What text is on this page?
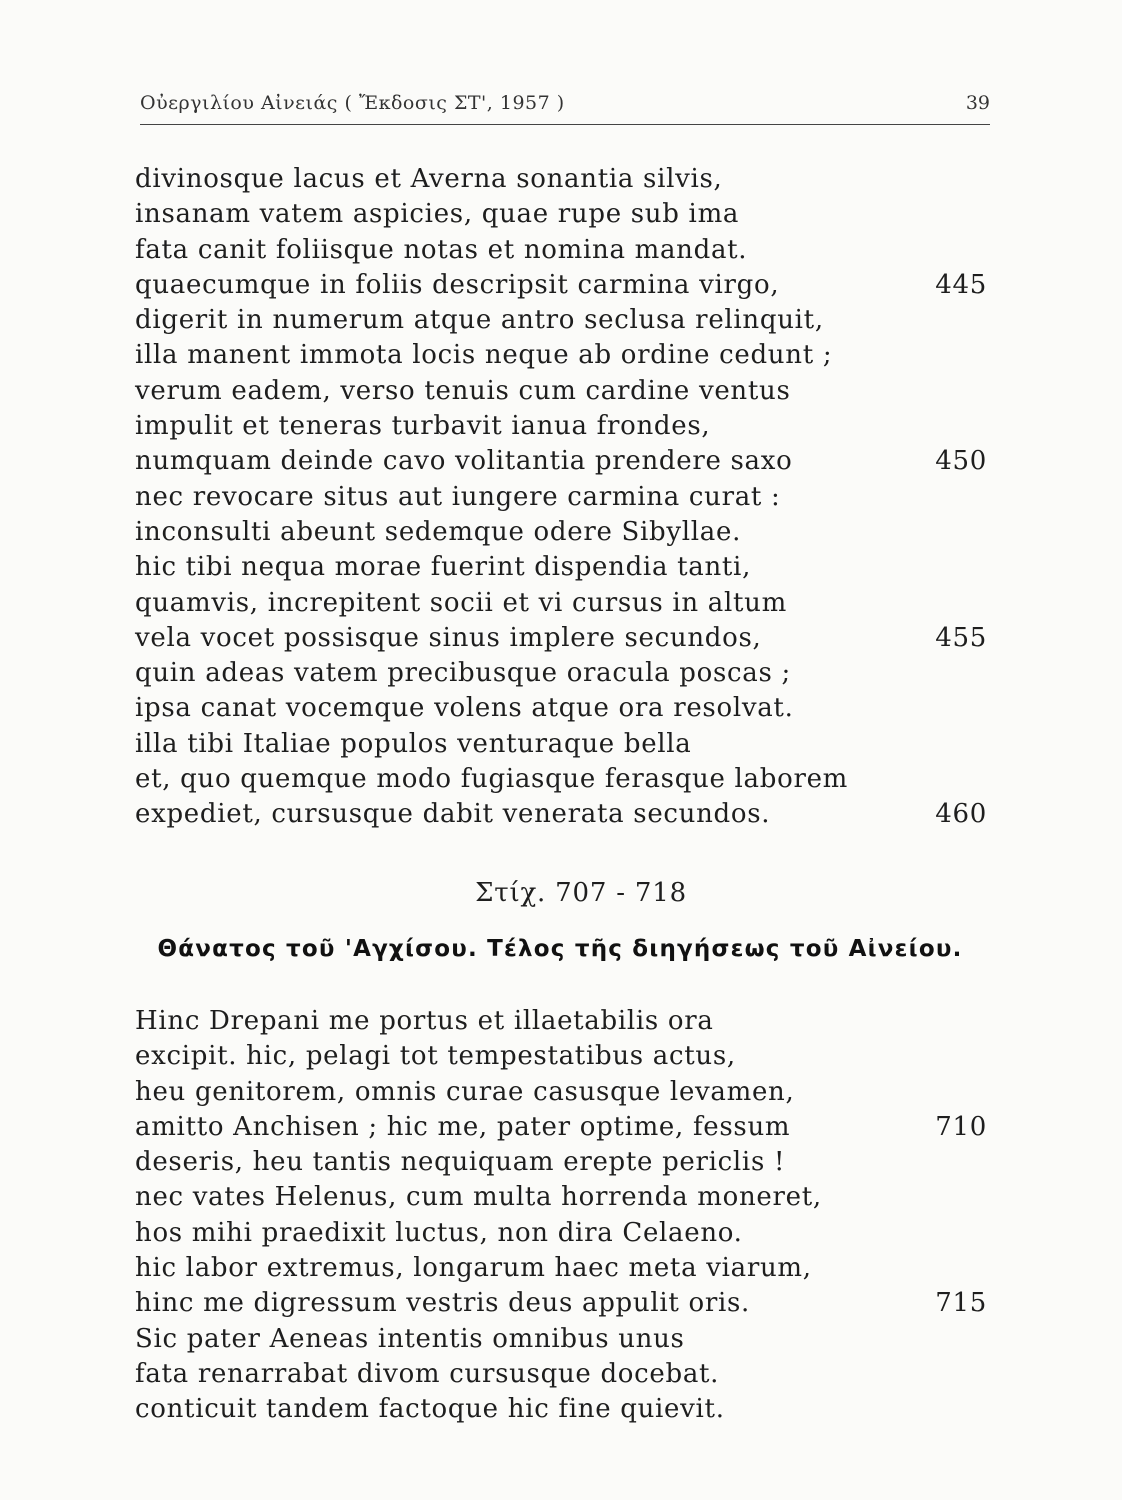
Οὐεργιλίου Αἰνειάς ( Ἔκδοσις ΣΤ', 1957 )	39
divinosque lacus et Averna sonantia silvis,
insanam vatem aspicies, quae rupe sub ima
fata canit foliisque notas et nomina mandat.
quaecumque in foliis descripsit carmina virgo,	445
digerit in numerum atque antro seclusa relinquit,
illa manent immota locis neque ab ordine cedunt ;
verum eadem, verso tenuis cum cardine ventus
impulit et teneras turbavit ianua frondes,
numquam deinde cavo volitantia prendere saxo	450
nec revocare situs aut iungere carmina curat :
inconsulti abeunt sedemque odere Sibyllae.
hic tibi nequa morae fuerint dispendia tanti,
quamvis, increpitent socii et vi cursus in altum
vela vocet possisque sinus implere secundos,	455
quin adeas vatem precibusque oracula poscas ;
ipsa canat vocemque volens atque ora resolvat.
illa tibi Italiae populos venturaque bella
et, quo quemque modo fugiasque ferasque laborem
expediet, cursusque dabit venerata secundos.	460
Στίχ. 707 - 718
Θάνατος τοῦ 'Αγχίσου. Τέλος τῆς διηγήσεως τοῦ Αἰνείου.
Hinc Drepani me portus et illaetabilis ora
excipit. hic, pelagi tot tempestatibus actus,
heu genitorem, omnis curae casusque levamen,
amitto Anchisen ; hic me, pater optime, fessum	710
deseris, heu tantis nequiquam erepte periclis !
nec vates Helenus, cum multa horrenda moneret,
hos mihi praedixit luctus, non dira Celaeno.
hic labor extremus, longarum haec meta viarum,
hinc me digressum vestris deus appulit oris.	715
Sic pater Aeneas intentis omnibus unus
fata renarrabat divom cursusque docebat.
conticuit tandem factoque hic fine quievit.
